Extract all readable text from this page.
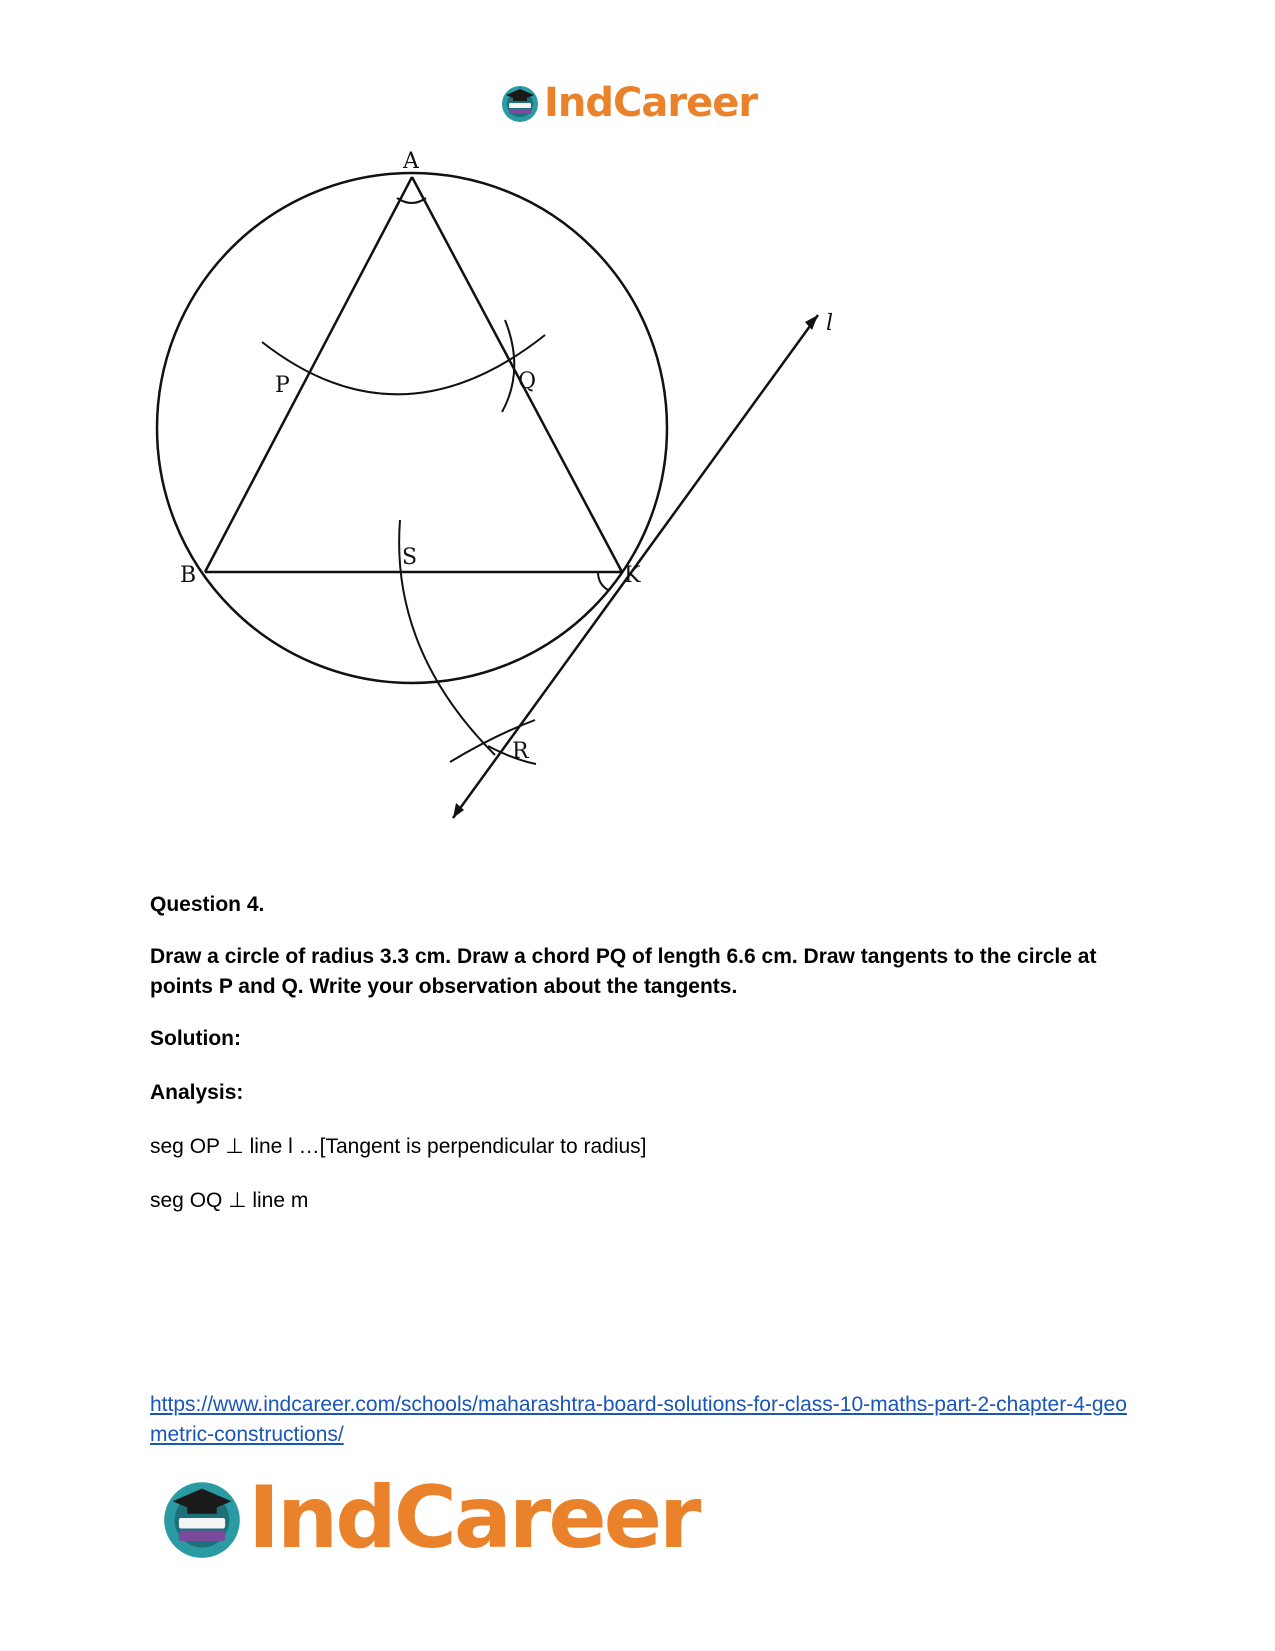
IndCareer
A
B	K
P	Q
S
R
l
Question 4.
Draw a circle of radius 3.3 cm. Draw a chord PQ of length 6.6 cm. Draw tangents to the circle at points P and Q. Write your observation about the tangents.
Solution:
Analysis:
seg OP ⊥ line l …[Tangent is perpendicular to radius]
seg OQ ⊥ line m
https://www.indcareer.com/schools/maharashtra-board-solutions-for-class-10-maths-part-2-chapter-4-geometric-constructions/
IndCareer
